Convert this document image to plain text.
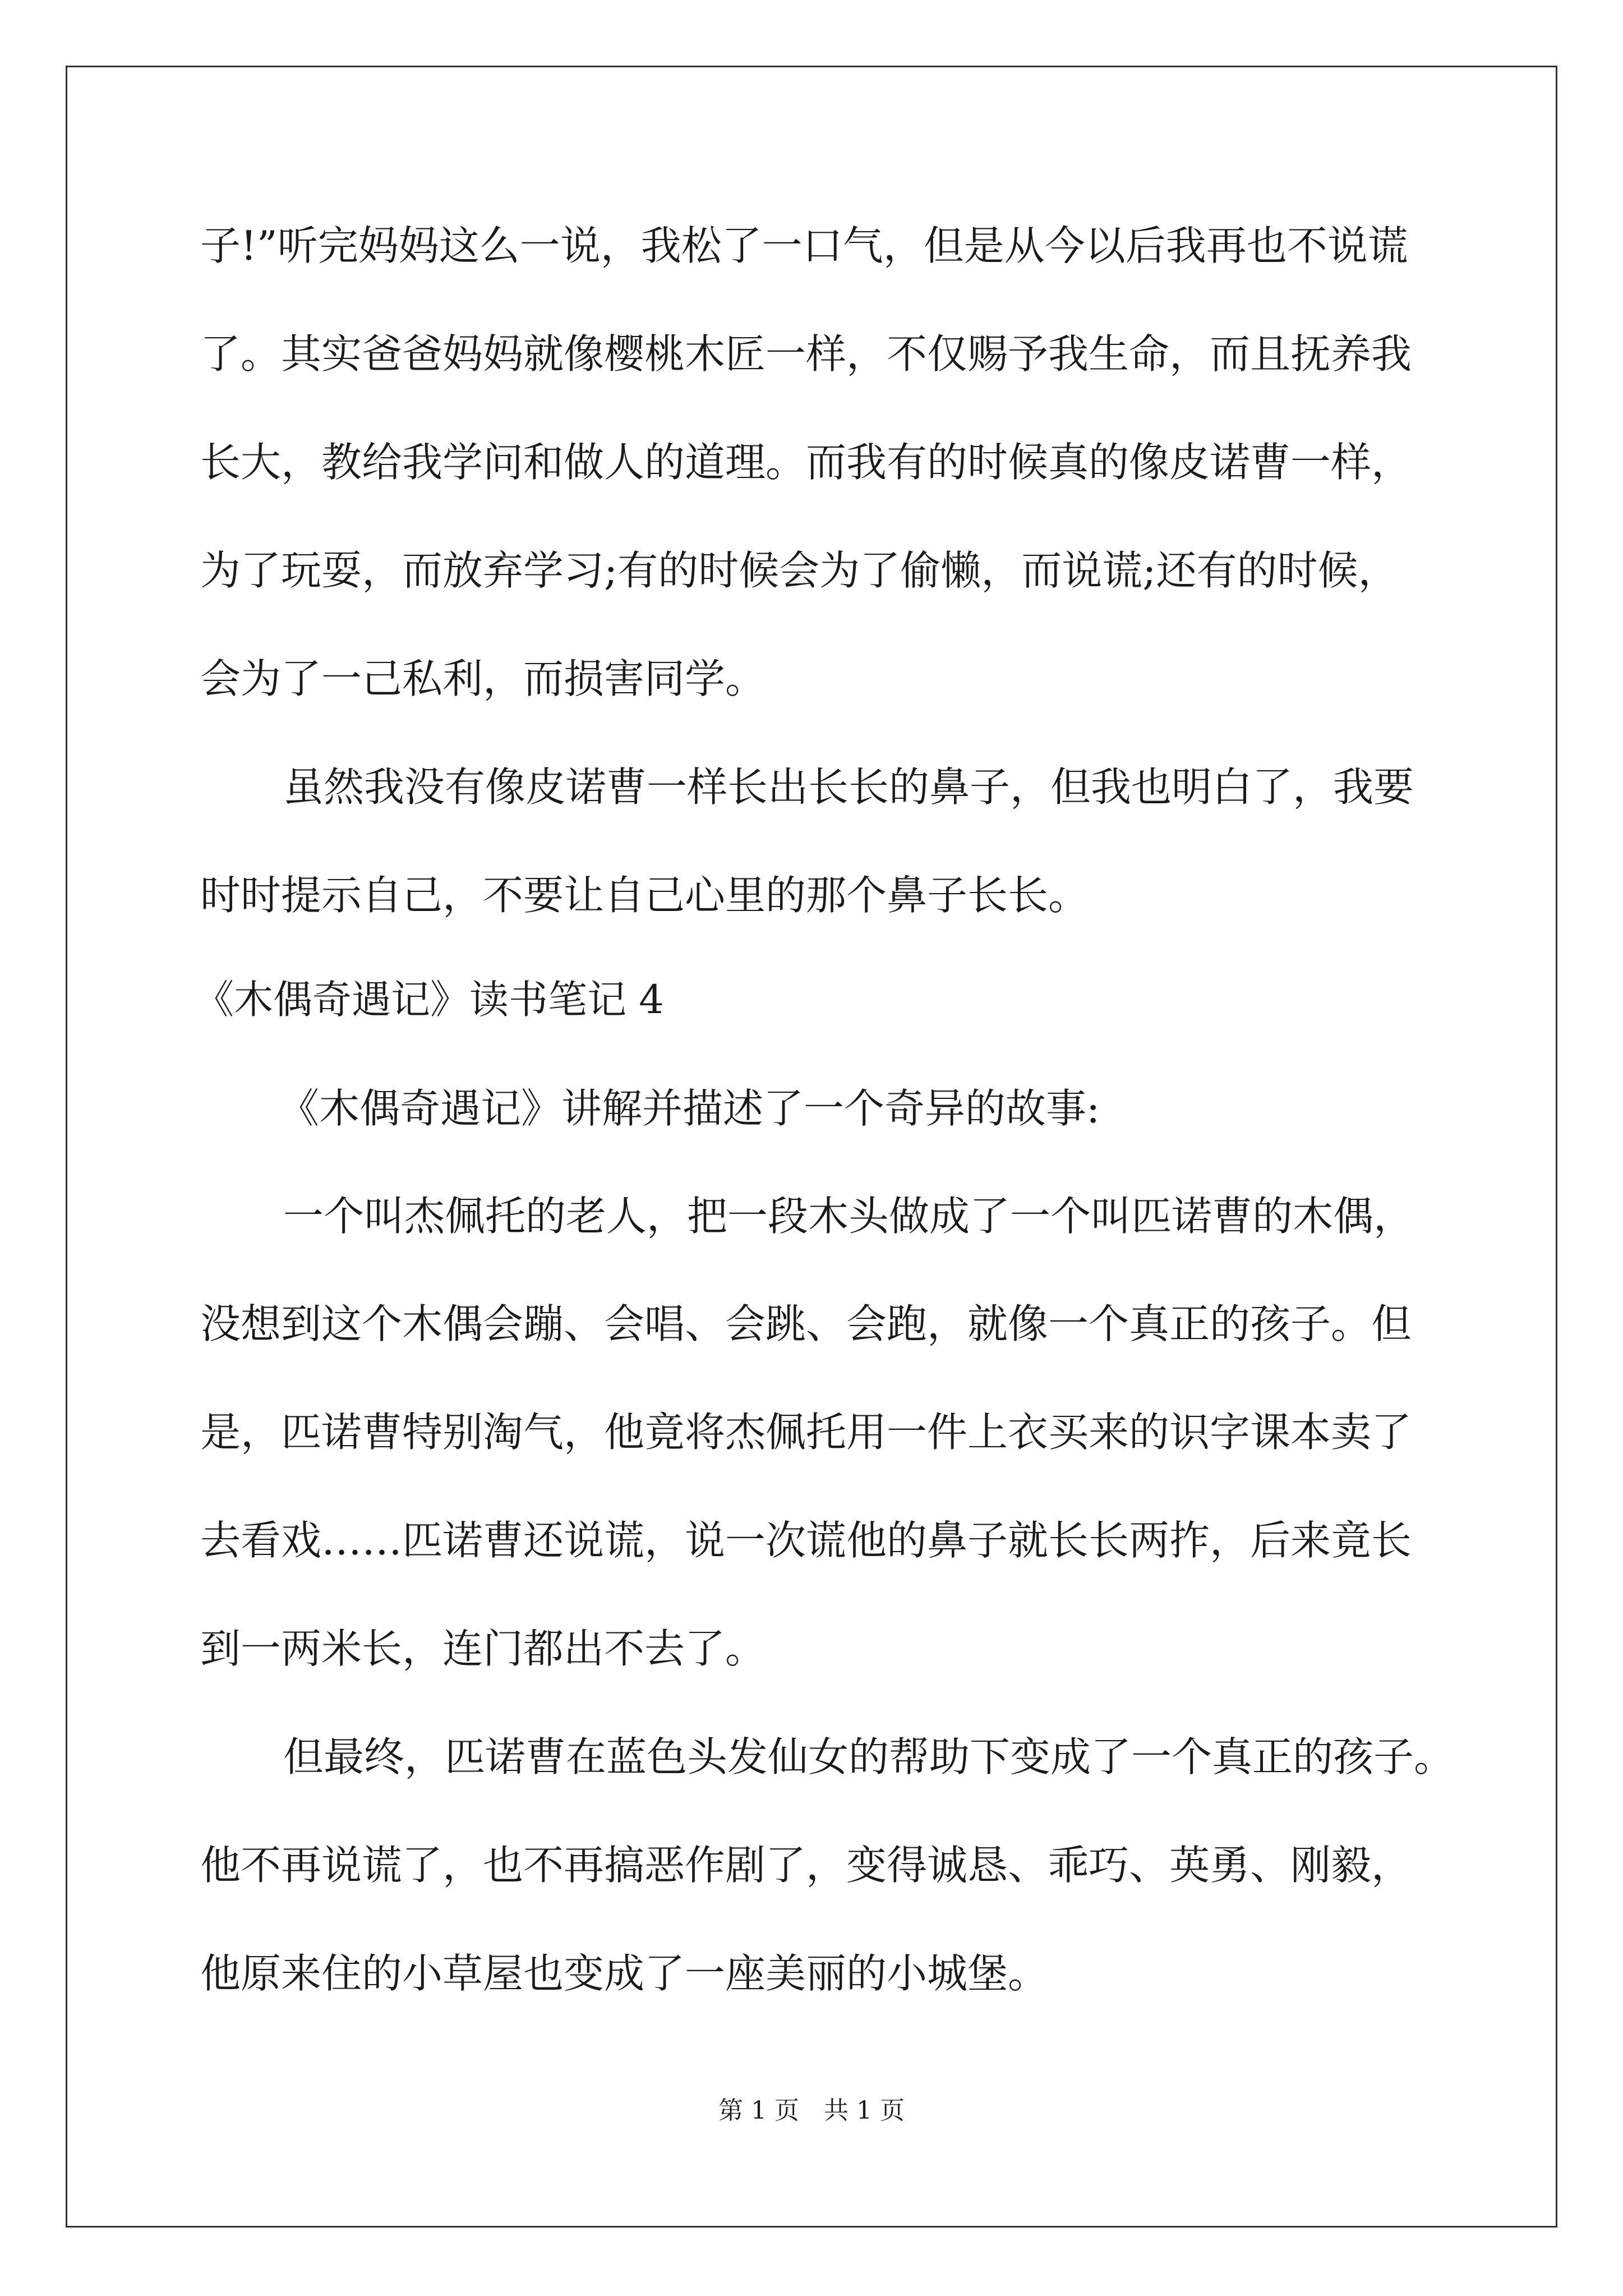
子!”听完妈妈这么一说，我松了一口气，但是从今以后我再也不说谎
了。其实爸爸妈妈就像樱桃木匠一样，不仅赐予我生命，而且抚养我
长大，教给我学问和做人的道理。而我有的时候真的像皮诺曹一样，
为了玩耍，而放弃学习;有的时候会为了偷懒，而说谎;还有的时候，
会为了一己私利，而损害同学。
虽然我没有像皮诺曹一样长出长长的鼻子，但我也明白了，我要
时时提示自己，不要让自己心里的那个鼻子长长。
《木偶奇遇记》读书笔记 4
《木偶奇遇记》讲解并描述了一个奇异的故事:
一个叫杰佩托的老人，把一段木头做成了一个叫匹诺曹的木偶，
没想到这个木偶会蹦、会唱、会跳、会跑，就像一个真正的孩子。但
是，匹诺曹特别淘气，他竟将杰佩托用一件上衣买来的识字课本卖了
去看戏……匹诺曹还说谎，说一次谎他的鼻子就长长两拃，后来竟长
到一两米长，连门都出不去了。
但最终，匹诺曹在蓝色头发仙女的帮助下变成了一个真正的孩子。
他不再说谎了，也不再搞恶作剧了，变得诚恳、乖巧、英勇、刚毅，
他原来住的小草屋也变成了一座美丽的小城堡。
第 1 页　共 1 页
